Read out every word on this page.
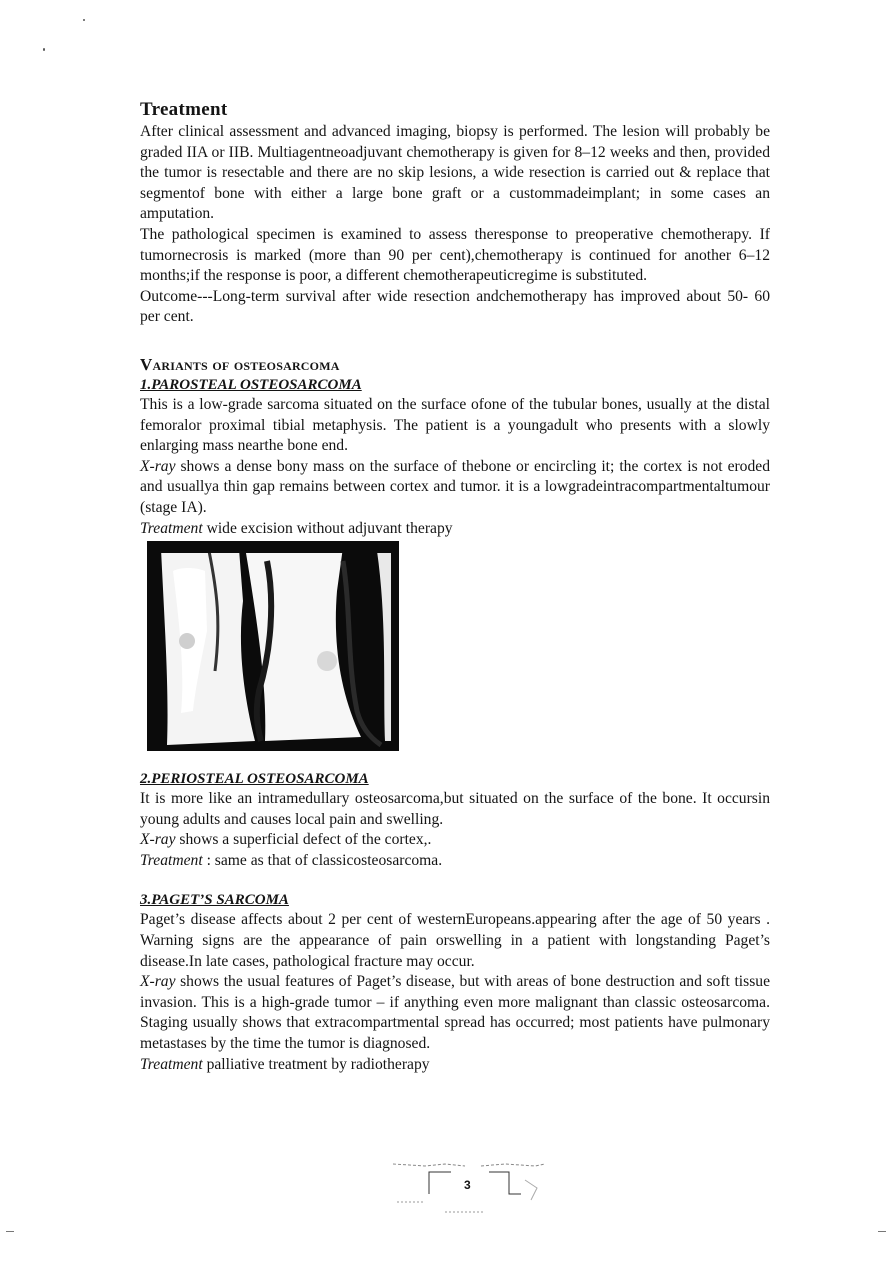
Treatment

After clinical assessment and advanced imaging, biopsy is performed. The lesion will probably be graded IIA or IIB. Multiagentneoadjuvant chemotherapy is given for 8–12 weeks and then, provided the tumor is resectable and there are no skip lesions, a wide resection is carried out & replace that segmentof bone with either a large bone graft or a custommadeimplant; in some cases an amputation.

The pathological specimen is examined to assess theresponse to preoperative chemotherapy. If tumornecrosis is marked (more than 90 per cent),chemotherapy is continued for another 6–12 months;if the response is poor, a different chemotherapeuticregime is substituted.

Outcome---Long-term survival after wide resection andchemotherapy has improved about 50- 60 per cent.

Variants of osteosarcoma
1.PAROSTEAL OSTEOSARCOMA

This is a low-grade sarcoma situated on the surface ofone of the tubular bones, usually at the distal femoralor proximal tibial metaphysis. The patient is a youngadult who presents with a slowly enlarging mass nearthe bone end.

X-ray shows a dense bony mass on the surface of thebone or encircling it; the cortex is not eroded and usuallya thin gap remains between cortex and tumor. it is a lowgradeintracompartmentaltumour (stage IA).

Treatment wide excision without adjuvant therapy

2.PERIOSTEAL OSTEOSARCOMA

It is more like an intramedullary osteosarcoma,but situated on the surface of the bone. It occursin young adults and causes local pain and swelling.

X-ray shows a superficial defect of the cortex,.

Treatment : same as that of classicosteosarcoma.

3.PAGET’S SARCOMA

Paget’s disease affects about 2 per cent of westernEuropeans.appearing after the age of 50 years . Warning signs are the appearance of pain orswelling in a patient with longstanding Paget’s disease.In late cases, pathological fracture may occur.

X-ray shows the usual features of Paget’s disease, but with areas of bone destruction and soft tissue invasion. This is a high-grade tumor – if anything even more malignant than classic osteosarcoma. Staging usually shows that extracompartmental spread has occurred; most patients have pulmonary metastases by the time the tumor is diagnosed.

Treatment palliative treatment by radiotherapy

3
